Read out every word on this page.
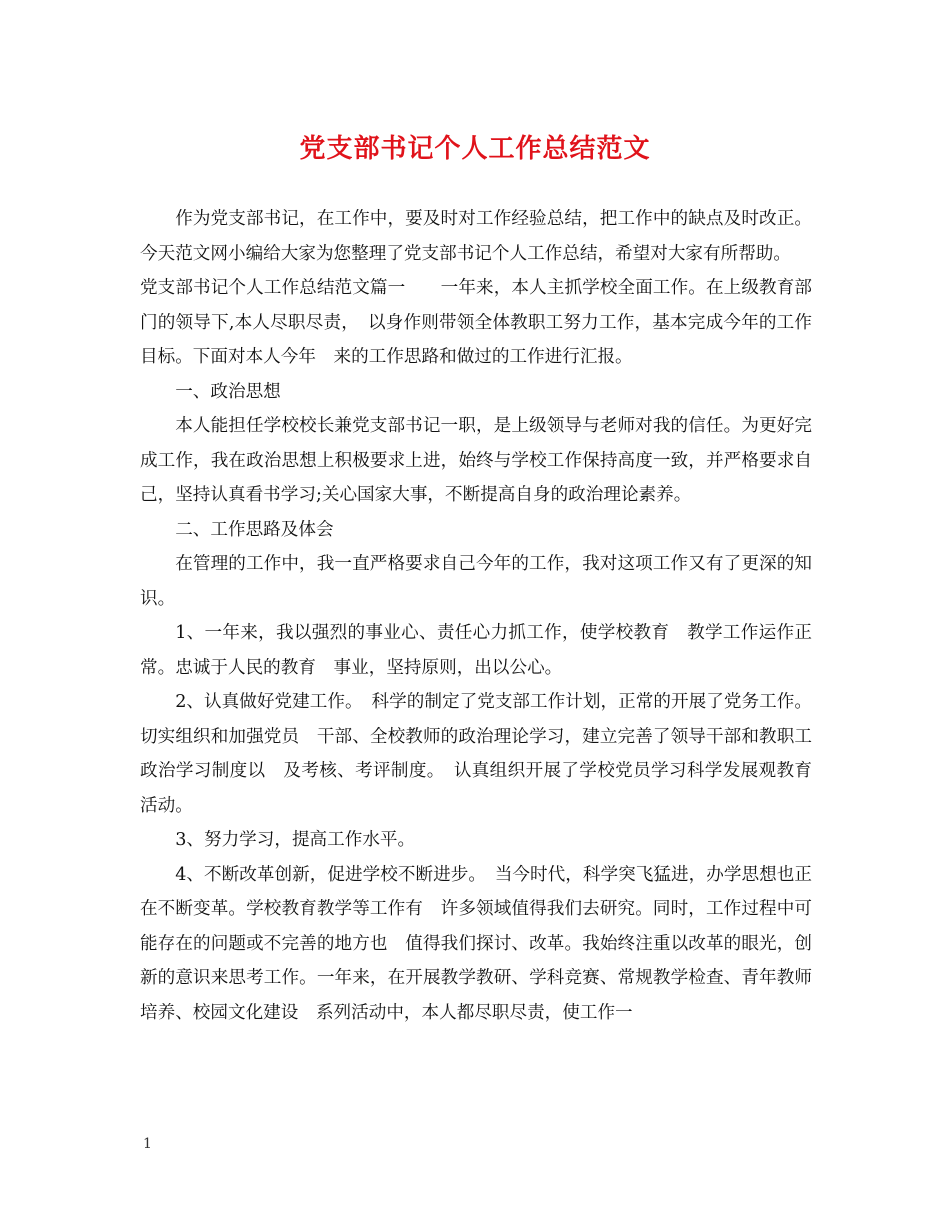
党支部书记个人工作总结范文

作为党支部书记，在工作中，要及时对工作经验总结，把工作中的缺点及时改正。今天范文网小编给大家为您整理了党支部书记个人工作总结，希望对大家有所帮助。

党支部书记个人工作总结范文篇一　　一年来，本人主抓学校全面工作。在上级教育部门的领导下,本人尽职尽责，　以身作则带领全体教职工努力工作，基本完成今年的工作目标。下面对本人今年　来的工作思路和做过的工作进行汇报。

一、政治思想

本人能担任学校校长兼党支部书记一职，是上级领导与老师对我的信任。为更好完成工作，我在政治思想上积极要求上进，始终与学校工作保持高度一致，并严格要求自己，坚持认真看书学习;关心国家大事，不断提高自身的政治理论素养。

二、工作思路及体会

在管理的工作中，我一直严格要求自己今年的工作，我对这项工作又有了更深的知识。

1、一年来，我以强烈的事业心、责任心力抓工作，使学校教育　教学工作运作正　常。忠诚于人民的教育　事业，坚持原则，出以公心。

2、认真做好党建工作。　科学的制定了党支部工作计划，正常的开展了党务工作。切实组织和加强党员　干部、全校教师的政治理论学习，建立完善了领导干部和教职工政治学习制度以　及考核、考评制度。　认真组织开展了学校党员学习科学发展观教育活动。

3、努力学习，提高工作水平。

4、不断改革创新，促进学校不断进步。　当今时代，科学突飞猛进，办学思想也正在不断变革。学校教育教学等工作有　许多领域值得我们去研究。同时，工作过程中可能存在的问题或不完善的地方也　值得我们探讨、改革。我始终注重以改革的眼光，创新的意识来思考工作。一年来，在开展教学教研、学科竞赛、常规教学检查、青年教师培养、校园文化建设　系列活动中，本人都尽职尽责，使工作一

1
